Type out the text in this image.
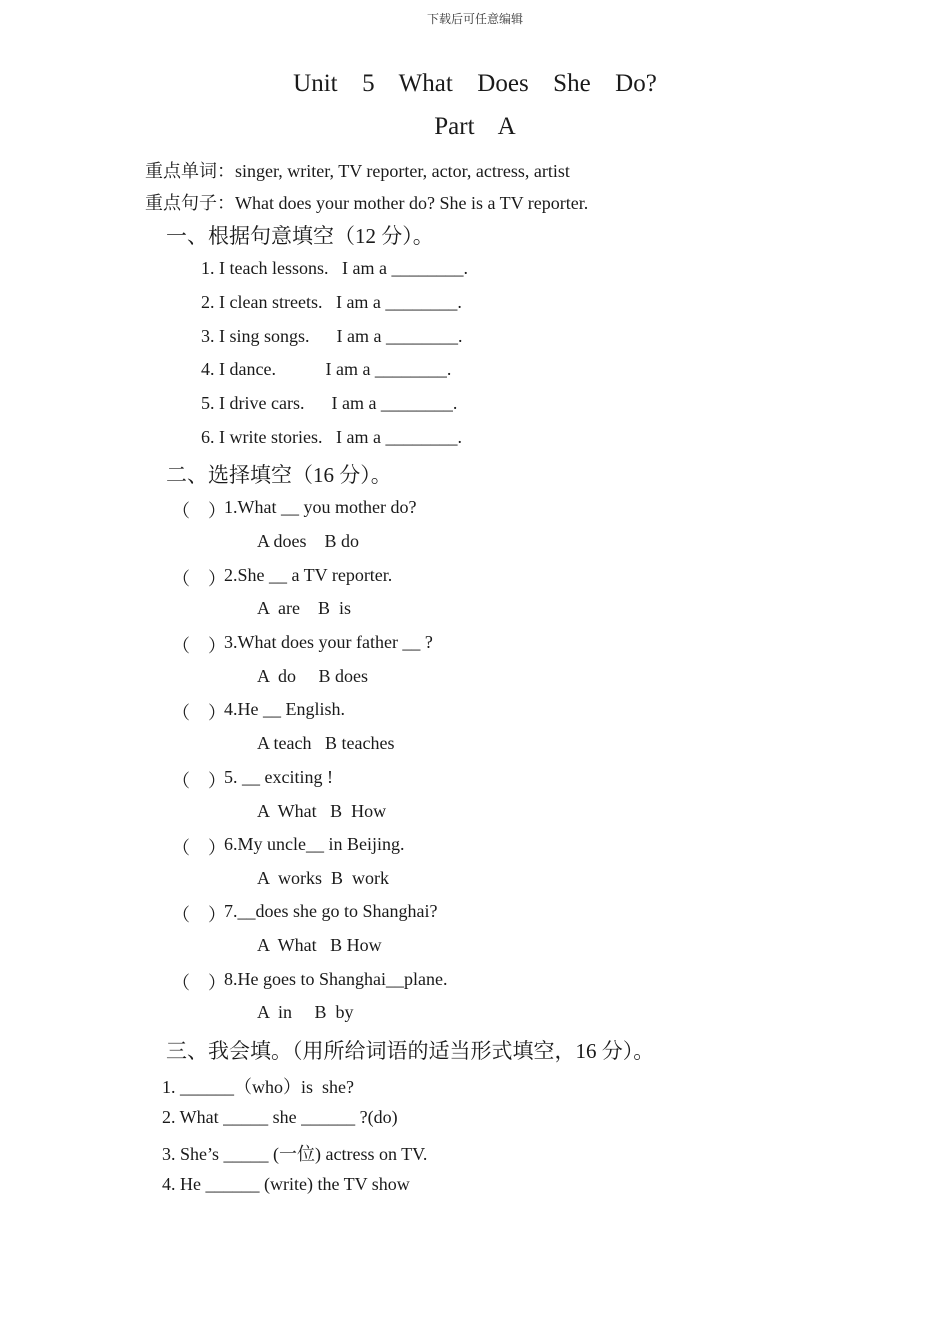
下载后可任意编辑
Unit  5  What  Does  She  Do?
Part  A
重点单词：singer, writer, TV reporter, actor, actress, artist
重点句子：What does your mother do? She is a TV reporter.
一、根据句意填空（12 分）。
1. I teach lessons.   I am a ________.
2. I clean streets.   I am a ________.
3. I sing songs.      I am a ________.
4. I dance.           I am a ________.
5. I drive cars.      I am a ________.
6. I write stories.   I am a ________.
二、选择填空（16 分）。
（    ）
1.What __ you mother do?
A does    B do
（    ）
2.She __ a TV reporter.
A  are    B  is
（    ）
3.What does your father __ ?
A  do     B does
（    ）
4.He __ English.
A teach   B teaches
（    ）
5. __ exciting !
A  What   B  How
（    ）
6.My uncle__ in Beijing.
A  works  B  work
（    ）
7.__does she go to Shanghai?
A  What   B How
（    ）
8.He goes to Shanghai__plane.
A  in     B  by
三、我会填。（用所给词语的适当形式填空，16 分）。
1. ______（who）is  she?
2. What _____ she ______ ?(do)
3. She’s _____ (一位) actress on TV.
4. He ______ (write) the TV show
